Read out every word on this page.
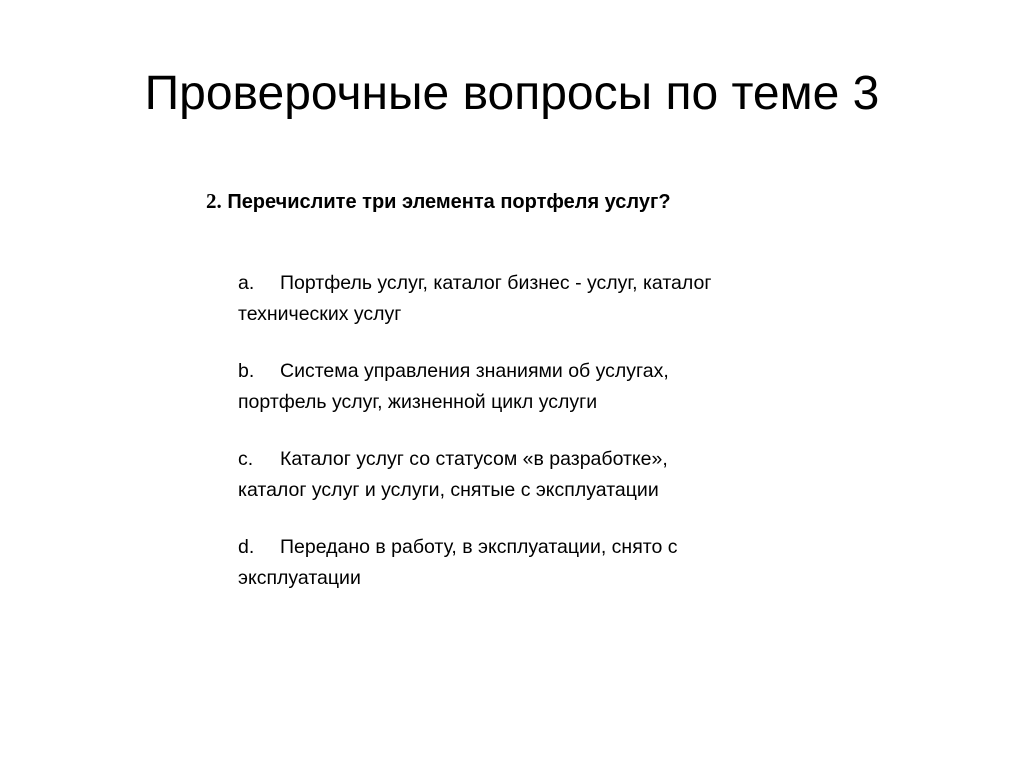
Проверочные вопросы по теме 3
2. Перечислите три элемента портфеля услуг?
a. Портфель услуг, каталог бизнес - услуг, каталог
технических услуг
b. Система управления знаниями об услугах,
портфель услуг, жизненной цикл услуги
c. Каталог услуг со статусом «в разработке»,
каталог услуг и услуги, снятые с эксплуатации
d. Передано в работу, в эксплуатации, снято с
эксплуатации
